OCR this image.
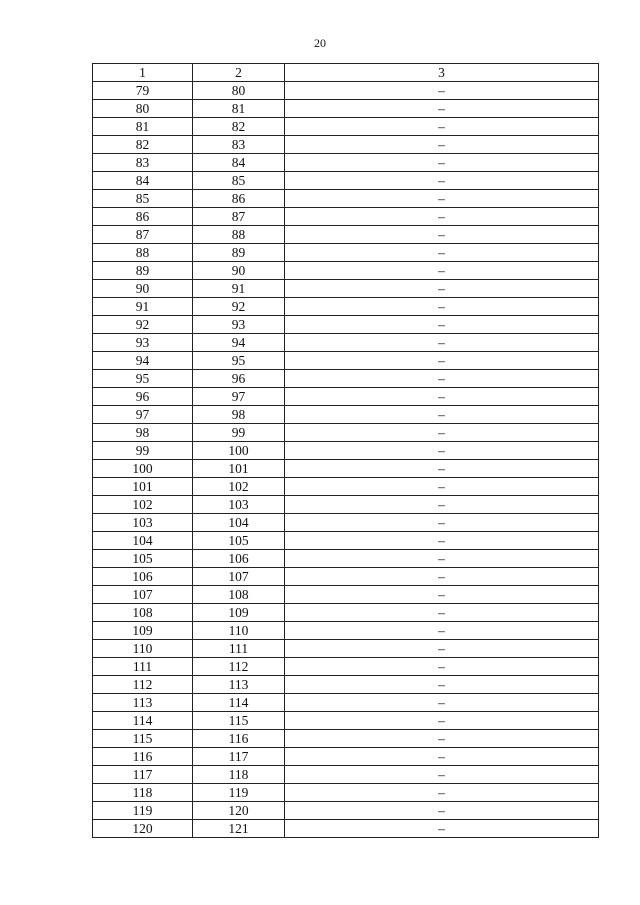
20
1	2	3
79	80	–
80	81	–
81	82	–
82	83	–
83	84	–
84	85	–
85	86	–
86	87	–
87	88	–
88	89	–
89	90	–
90	91	–
91	92	–
92	93	–
93	94	–
94	95	–
95	96	–
96	97	–
97	98	–
98	99	–
99	100	–
100	101	–
101	102	–
102	103	–
103	104	–
104	105	–
105	106	–
106	107	–
107	108	–
108	109	–
109	110	–
110	111	–
111	112	–
112	113	–
113	114	–
114	115	–
115	116	–
116	117	–
117	118	–
118	119	–
119	120	–
120	121	–
